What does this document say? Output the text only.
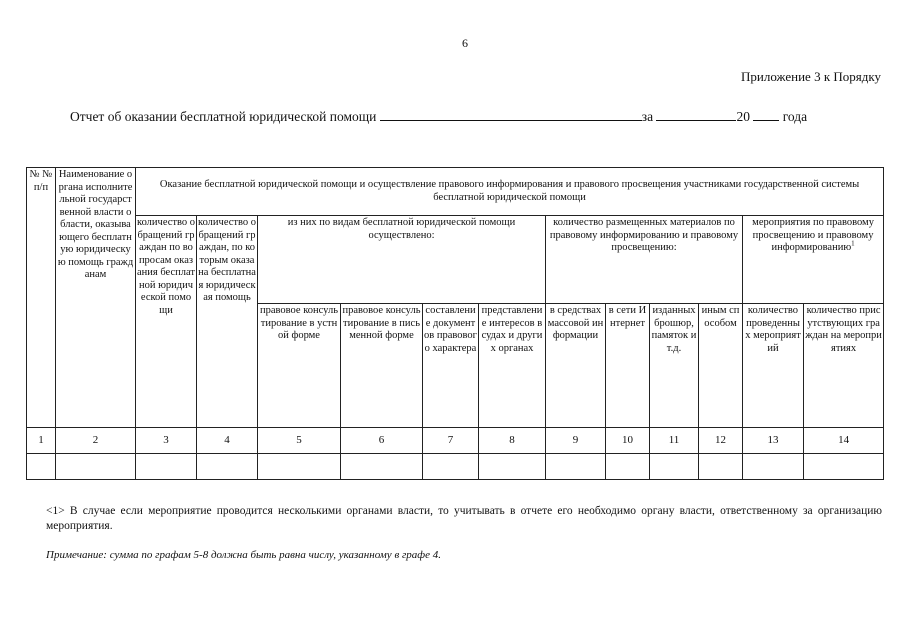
6
Приложение 3 к Порядку
Отчет об оказании бесплатной юридической помощи	за	20 года
№ № п/п	Наименование органа исполнительной государственной власти области, оказывающего бесплатную юридическую помощь гражданам	Оказание бесплатной юридической помощи и осуществление правового информирования и правового просвещения участниками государственной системы бесплатной юридической помощи											
		количество обращений граждан по вопросам оказания бесплатной юридической помощи	количество обращений граждан, по которым оказана бесплатная юридическая помощь	из них по видам бесплатной юридической помощи осуществлено:				количество размещенных материалов по правовому информированию и правовому просвещению:				мероприятия по правовому просвещению и правовому информированию$^1$
				правовое консультирование в устной форме	правовое консультирование в письменной форме	составление документов правового характера	представление интересов в судах и других органах	в средствах массовой информации	в сети Интернет	изданных брошюр, памяток и т.д.	иным способом	количество проведенных мероприятий	количество присутствующих граждан на мероприятиях

1	2	3	4	5	6	7	8	9	10	11	12	13	14

<1> В случае если мероприятие проводится несколькими органами власти, то учитывать в отчете его необходимо органу власти, ответственному за организацию мероприятия.
Примечание: сумма по графам 5-8 должна быть равна числу, указанному в графе 4.
